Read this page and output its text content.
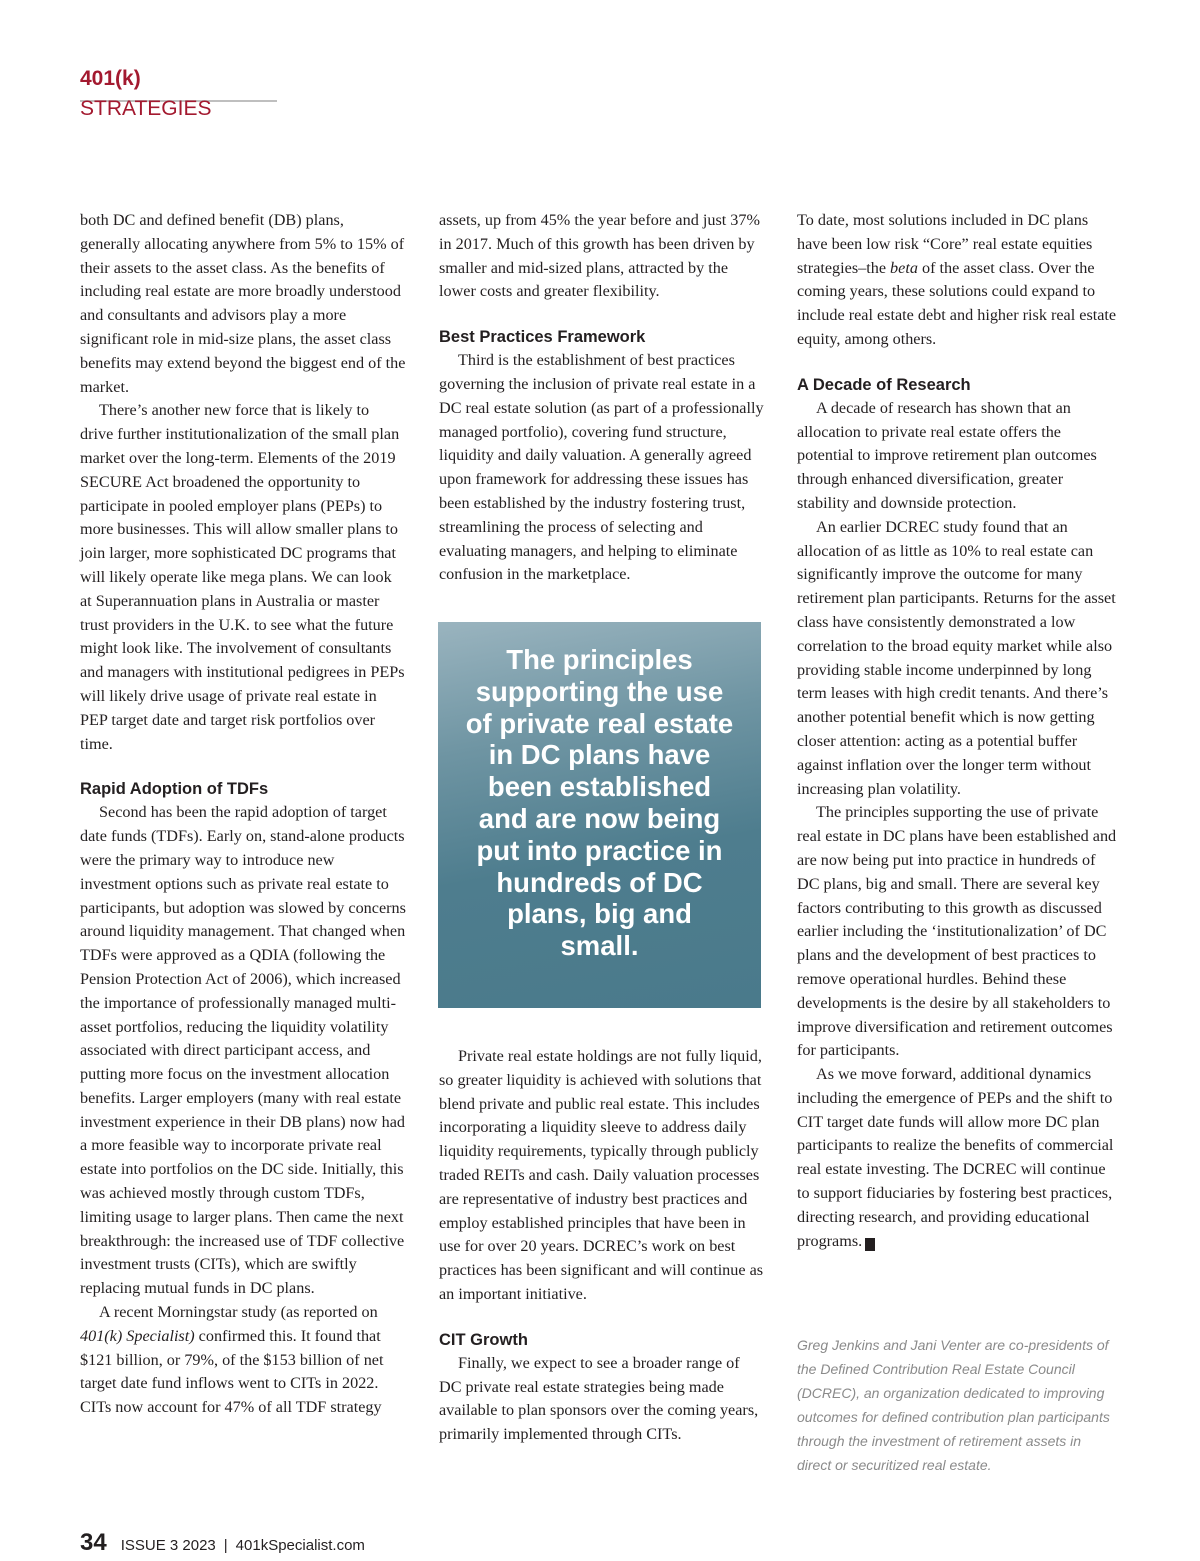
401(k) STRATEGIES

both DC and defined benefit (DB) plans, generally allocating anywhere from 5% to 15% of their assets to the asset class. As the benefits of including real estate are more broadly understood and consultants and advisors play a more significant role in mid-size plans, the asset class benefits may extend beyond the biggest end of the market.

There’s another new force that is likely to drive further institutionalization of the small plan market over the long-term. Elements of the 2019 SECURE Act broadened the opportunity to participate in pooled employer plans (PEPs) to more businesses. This will allow smaller plans to join larger, more sophisticated DC programs that will likely operate like mega plans. We can look at Superannuation plans in Australia or master trust providers in the U.K. to see what the future might look like. The involvement of consultants and managers with institutional pedigrees in PEPs will likely drive usage of private real estate in PEP target date and target risk portfolios over time.

Rapid Adoption of TDFs

Second has been the rapid adoption of target date funds (TDFs). Early on, stand-alone products were the primary way to introduce new investment options such as private real estate to participants, but adoption was slowed by concerns around liquidity management. That changed when TDFs were approved as a QDIA (following the Pension Protection Act of 2006), which increased the importance of professionally managed multi-asset portfolios, reducing the liquidity volatility associated with direct participant access, and putting more focus on the investment allocation benefits. Larger employers (many with real estate investment experience in their DB plans) now had a more feasible way to incorporate private real estate into portfolios on the DC side. Initially, this was achieved mostly through custom TDFs, limiting usage to larger plans. Then came the next breakthrough: the increased use of TDF collective investment trusts (CITs), which are swiftly replacing mutual funds in DC plans.

A recent Morningstar study (as reported on 401(k) Specialist) confirmed this. It found that $121 billion, or 79%, of the $153 billion of net target date fund inflows went to CITs in 2022. CITs now account for 47% of all TDF strategy

assets, up from 45% the year before and just 37% in 2017. Much of this growth has been driven by smaller and mid-sized plans, attracted by the lower costs and greater flexibility.

Best Practices Framework

Third is the establishment of best practices governing the inclusion of private real estate in a DC real estate solution (as part of a professionally managed portfolio), covering fund structure, liquidity and daily valuation. A generally agreed upon framework for addressing these issues has been established by the industry fostering trust, streamlining the process of selecting and evaluating managers, and helping to eliminate confusion in the marketplace.

The principles supporting the use of private real estate in DC plans have been established and are now being put into practice in hundreds of DC plans, big and small.

Private real estate holdings are not fully liquid, so greater liquidity is achieved with solutions that blend private and public real estate. This includes incorporating a liquidity sleeve to address daily liquidity requirements, typically through publicly traded REITs and cash. Daily valuation processes are representative of industry best practices and employ established principles that have been in use for over 20 years. DCREC’s work on best practices has been significant and will continue as an important initiative.

CIT Growth

Finally, we expect to see a broader range of DC private real estate strategies being made available to plan sponsors over the coming years, primarily implemented through CITs.

To date, most solutions included in DC plans have been low risk “Core” real estate equities strategies–the beta of the asset class. Over the coming years, these solutions could expand to include real estate debt and higher risk real estate equity, among others.

A Decade of Research

A decade of research has shown that an allocation to private real estate offers the potential to improve retirement plan outcomes through enhanced diversification, greater stability and downside protection.

An earlier DCREC study found that an allocation of as little as 10% to real estate can significantly improve the outcome for many retirement plan participants. Returns for the asset class have consistently demonstrated a low correlation to the broad equity market while also providing stable income underpinned by long term leases with high credit tenants. And there’s another potential benefit which is now getting closer attention: acting as a potential buffer against inflation over the longer term without increasing plan volatility.

The principles supporting the use of private real estate in DC plans have been established and are now being put into practice in hundreds of DC plans, big and small. There are several key factors contributing to this growth as discussed earlier including the ‘institutionalization’ of DC plans and the development of best practices to remove operational hurdles. Behind these developments is the desire by all stakeholders to improve diversification and retirement outcomes for participants.

As we move forward, additional dynamics including the emergence of PEPs and the shift to CIT target date funds will allow more DC plan participants to realize the benefits of commercial real estate investing. The DCREC will continue to support fiduciaries by fostering best practices, directing research, and providing educational programs. K

Greg Jenkins and Jani Venter are co-presidents of the Defined Contribution Real Estate Council (DCREC), an organization dedicated to improving outcomes for defined contribution plan participants through the investment of retirement assets in direct or securitized real estate.
34 ISSUE 3 2023 | 401kSpecialist.com
